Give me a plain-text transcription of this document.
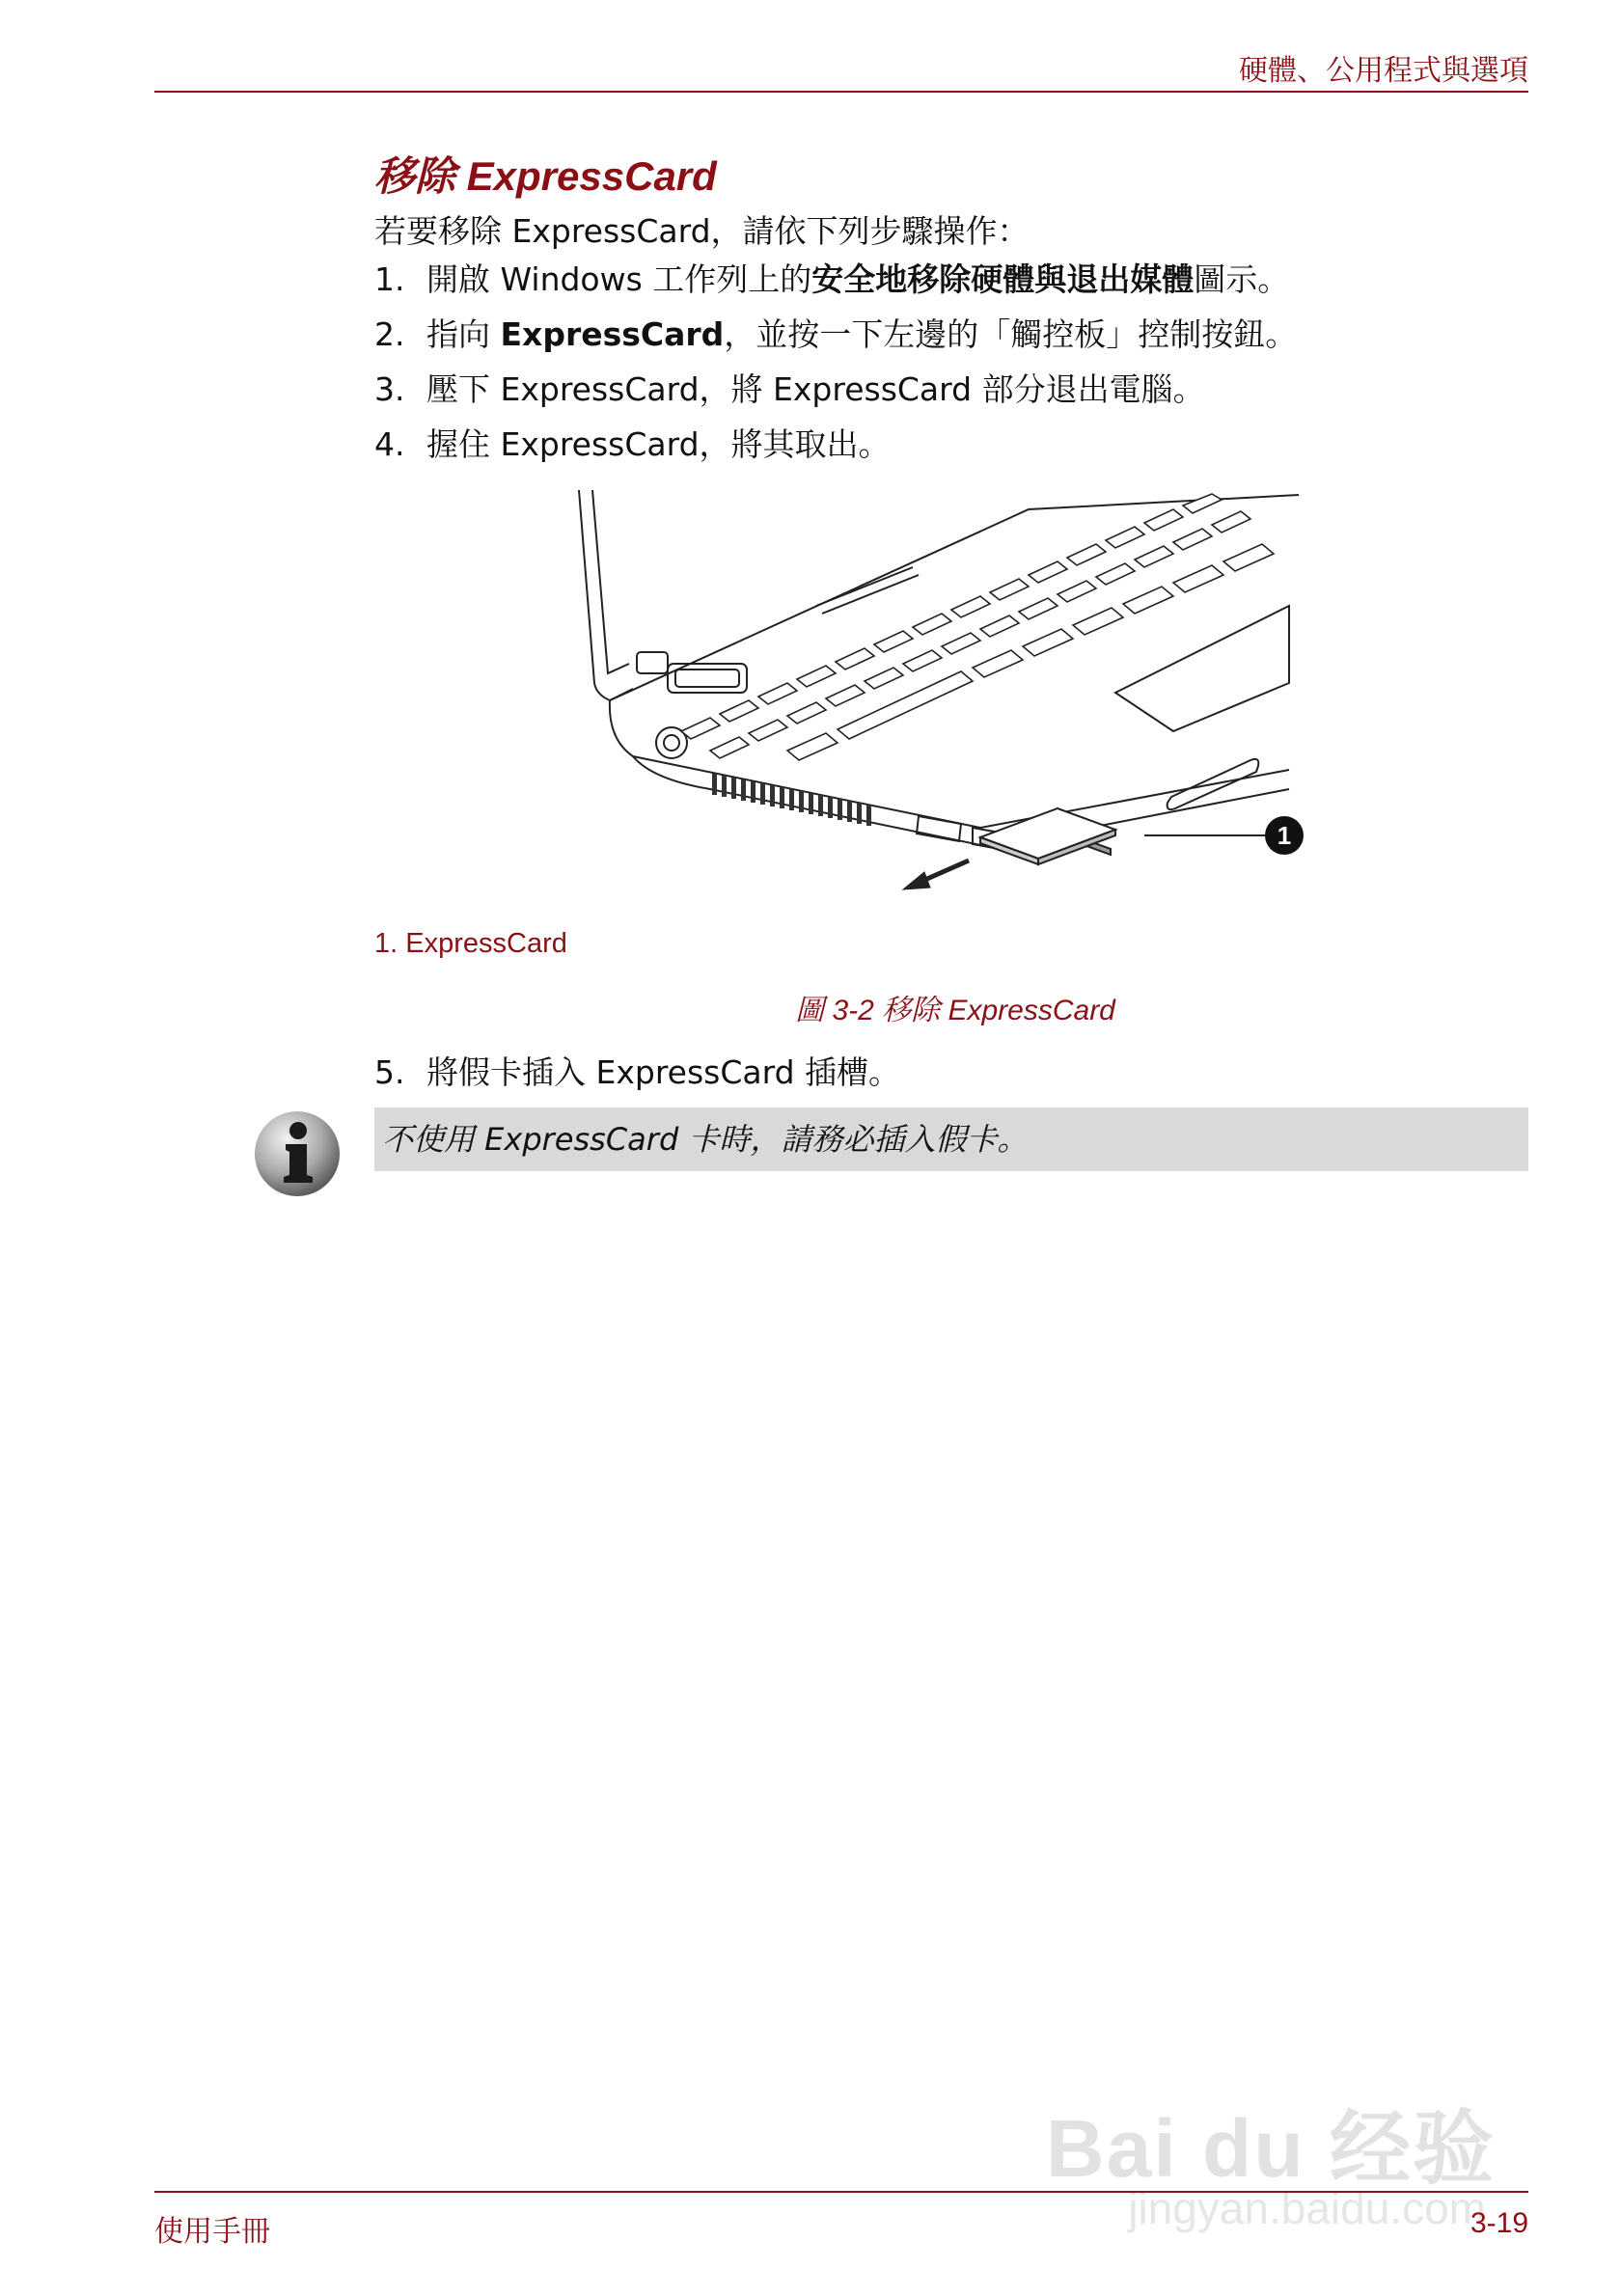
硬體、公用程式與選項
移除 ExpressCard
若要移除 ExpressCard，請依下列步驟操作：
1. 開啟 Windows 工作列上的安全地移除硬體與退出媒體圖示。
2. 指向 ExpressCard，並按一下左邊的「觸控板」控制按鈕。
3. 壓下 ExpressCard，將 ExpressCard 部分退出電腦。
4. 握住 ExpressCard，將其取出。
1
1. ExpressCard
圖 3-2 移除 ExpressCard
5. 將假卡插入 ExpressCard 插槽。
不使用 ExpressCard 卡時，請務必插入假卡。
Bai du 经验
jingyan.baidu.com
使用手冊	3-19
